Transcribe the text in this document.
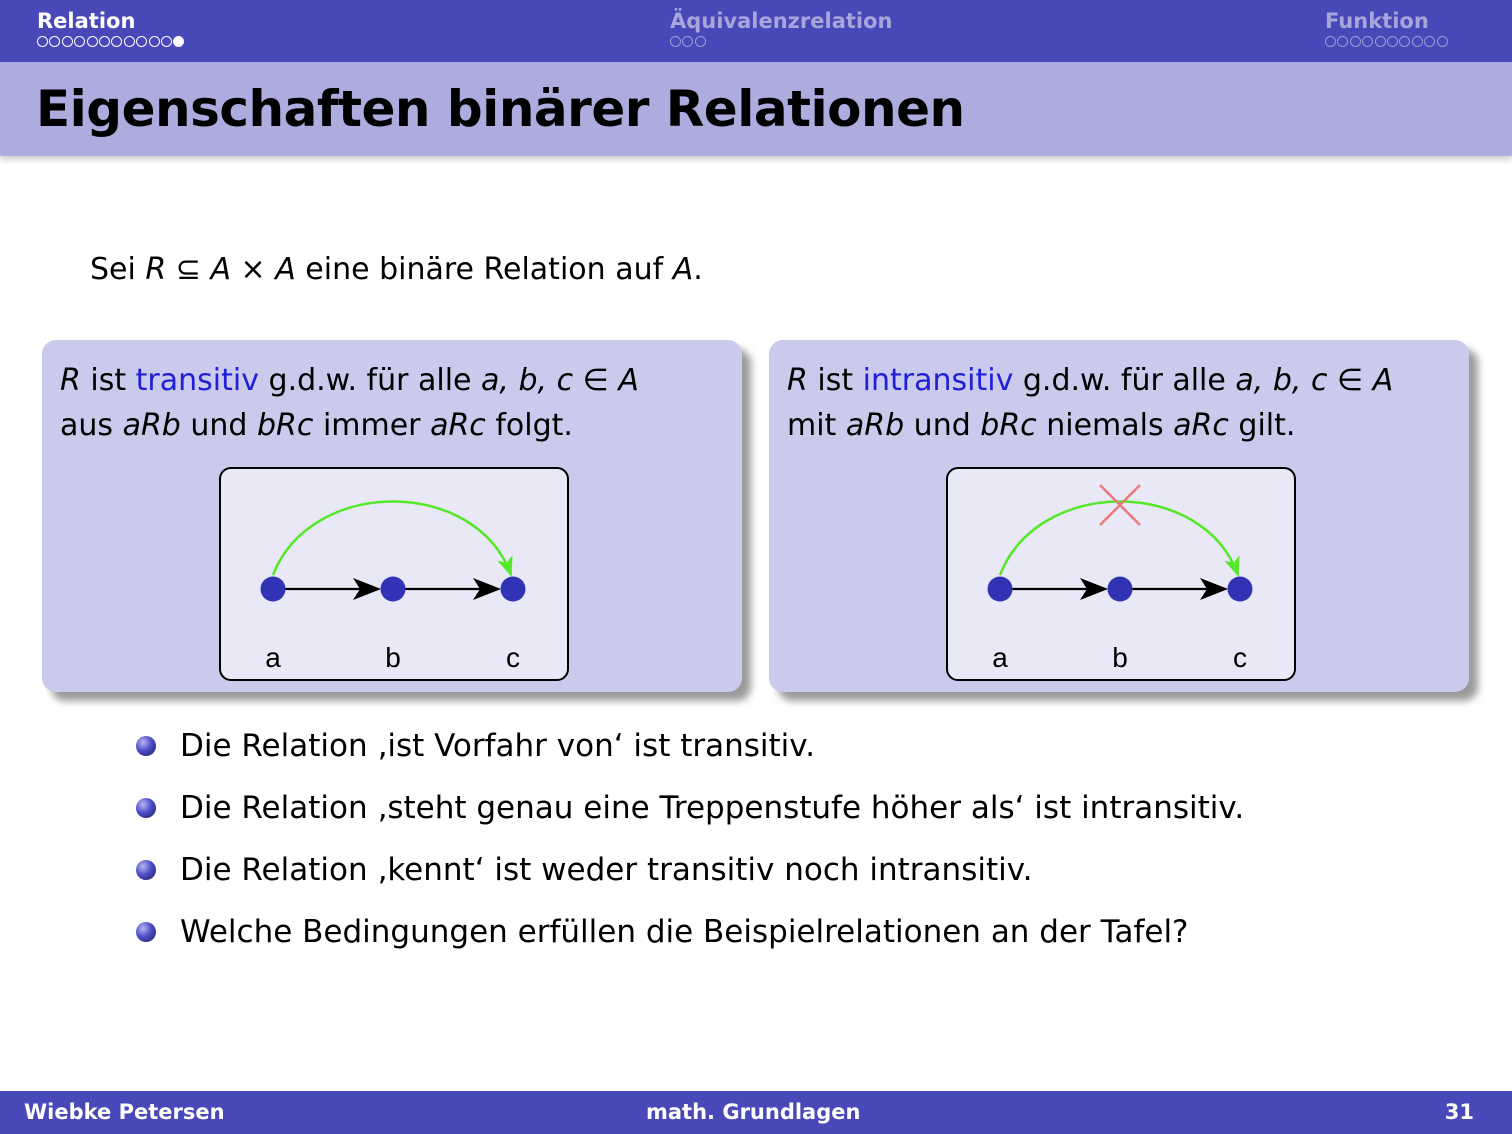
Relation	Äquivalenzrelation	Funktion
Eigenschaften binärer Relationen
Sei R ⊆ A × A eine binäre Relation auf A.
R ist transitiv g.d.w. für alle a, b, c ∈ A
aus aRb und bRc immer aRc folgt.
a	b	c
R ist intransitiv g.d.w. für alle a, b, c ∈ A
mit aRb und bRc niemals aRc gilt.
a	b	c
Die Relation ‚ist Vorfahr von‘ ist transitiv.
Die Relation ‚steht genau eine Treppenstufe höher als‘ ist intransitiv.
Die Relation ‚kennt‘ ist weder transitiv noch intransitiv.
Welche Bedingungen erfüllen die Beispielrelationen an der Tafel?
Wiebke Petersen	math. Grundlagen	31
